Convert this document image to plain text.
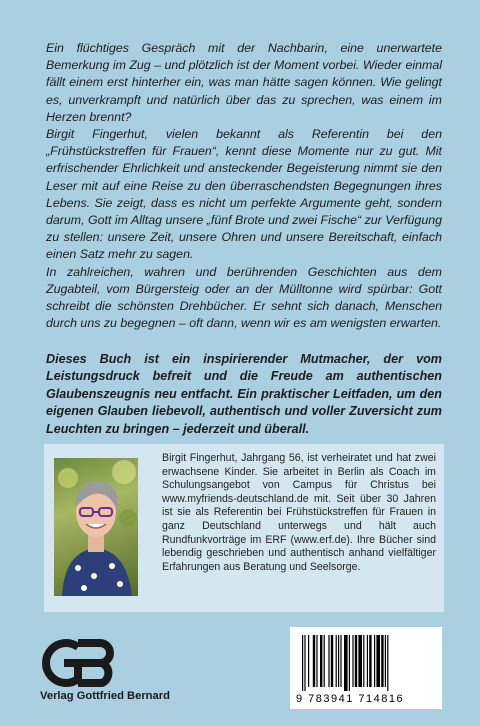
Ein flüchtiges Gespräch mit der Nachbarin, eine unerwartete Bemerkung im Zug – und plötzlich ist der Moment vorbei. Wieder einmal fällt einem erst hinterher ein, was man hätte sagen können. Wie gelingt es, unverkrampft und natürlich über das zu sprechen, was einem im Herzen brennt?

Birgit Fingerhut, vielen bekannt als Referentin bei den „Frühstückstreffen für Frauen“, kennt diese Momente nur zu gut. Mit erfrischender Ehrlichkeit und ansteckender Begeisterung nimmt sie den Leser mit auf eine Reise zu den überraschendsten Begegnungen ihres Lebens. Sie zeigt, dass es nicht um perfekte Argumente geht, sondern darum, Gott im Alltag unsere „fünf Brote und zwei Fische“ zur Verfügung zu stellen: unsere Zeit, unsere Ohren und unsere Bereitschaft, einfach einen Satz mehr zu sagen.

In zahlreichen, wahren und berührenden Geschichten aus dem Zugabteil, vom Bürgersteig oder an der Mülltonne wird spürbar: Gott schreibt die schönsten Drehbücher. Er sehnt sich danach, Menschen durch uns zu begegnen – oft dann, wenn wir es am wenigsten erwarten.

Dieses Buch ist ein inspirierender Mutmacher, der vom Leistungsdruck befreit und die Freude am authentischen Glaubenszeugnis neu entfacht. Ein praktischer Leitfaden, um den eigenen Glauben liebevoll, authentisch und voller Zuversicht zum Leuchten zu bringen – jederzeit und überall.

Birgit Fingerhut, Jahrgang 56, ist verheiratet und hat zwei erwachsene Kinder. Sie arbeitet in Berlin als Coach im Schulungsangebot von Campus für Christus bei www.myfriends-deutschland.de mit. Seit über 30 Jahren ist sie als Referentin bei Frühstückstreffen für Frauen in ganz Deutschland unterwegs und hält auch Rundfunkvorträge im ERF (www.erf.de). Ihre Bücher sind lebendig geschrieben und authentisch anhand vielfältiger Erfahrungen aus Beratung und Seelsorge.

Verlag Gottfried Bernard	9 783941 714816
